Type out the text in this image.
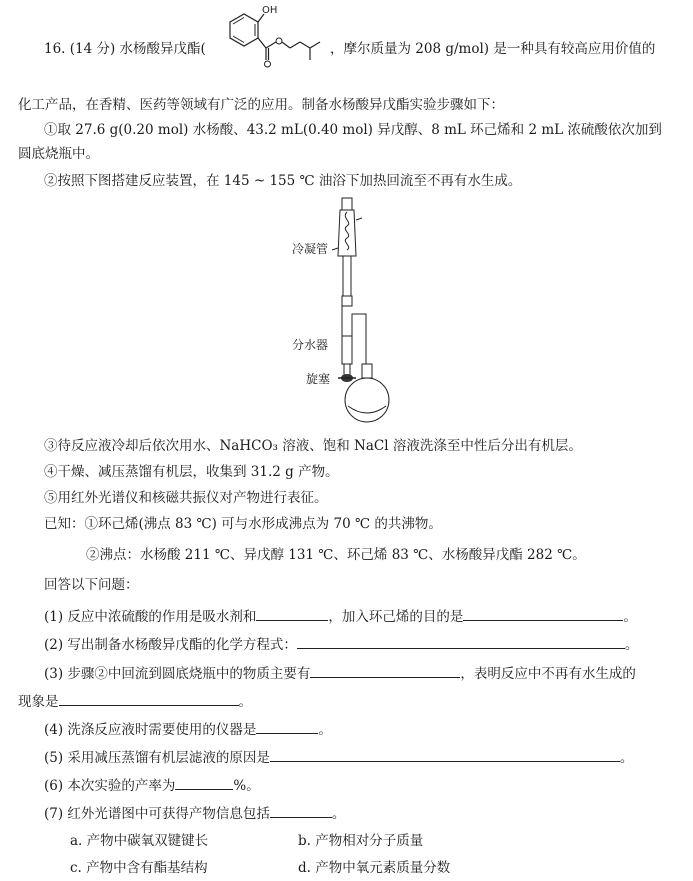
16. (14 分) 水杨酸异戊酯(
OH
，摩尔质量为 208 g/mol) 是一种具有较高应用价值的
化工产品，在香精、医药等领域有广泛的应用。制备水杨酸异戊酯实验步骤如下：
①取 27.6 g(0.20 mol) 水杨酸、43.2 mL(0.40 mol) 异戊醇、8 mL 环己烯和 2 mL 浓硫酸依次加到
圆底烧瓶中。
②按照下图搭建反应装置，在 145 ~ 155 ℃ 油浴下加热回流至不再有水生成。
冷凝管
分水器
旋塞
③待反应液冷却后依次用水、NaHCO₃ 溶液、饱和 NaCl 溶液洗涤至中性后分出有机层。
④干燥、减压蒸馏有机层，收集到 31.2 g 产物。
⑤用红外光谱仪和核磁共振仪对产物进行表征。
已知：①环己烯(沸点 83 ℃) 可与水形成沸点为 70 ℃ 的共沸物。
②沸点：水杨酸 211 ℃、异戊醇 131 ℃、环己烯 83 ℃、水杨酸异戊酯 282 ℃。
回答以下问题：
(1) 反应中浓硫酸的作用是吸水剂和	，加入环己烯的目的是	。
(2) 写出制备水杨酸异戊酯的化学方程式：	。
(3) 步骤②中回流到圆底烧瓶中的物质主要有	，表明反应中不再有水生成的
现象是	。
(4) 洗涤反应液时需要使用的仪器是	。
(5) 采用减压蒸馏有机层滤液的原因是	。
(6) 本次实验的产率为	%。
(7) 红外光谱图中可获得产物信息包括	。
a. 产物中碳氧双键键长	b. 产物相对分子质量
c. 产物中含有酯基结构	d. 产物中氧元素质量分数
